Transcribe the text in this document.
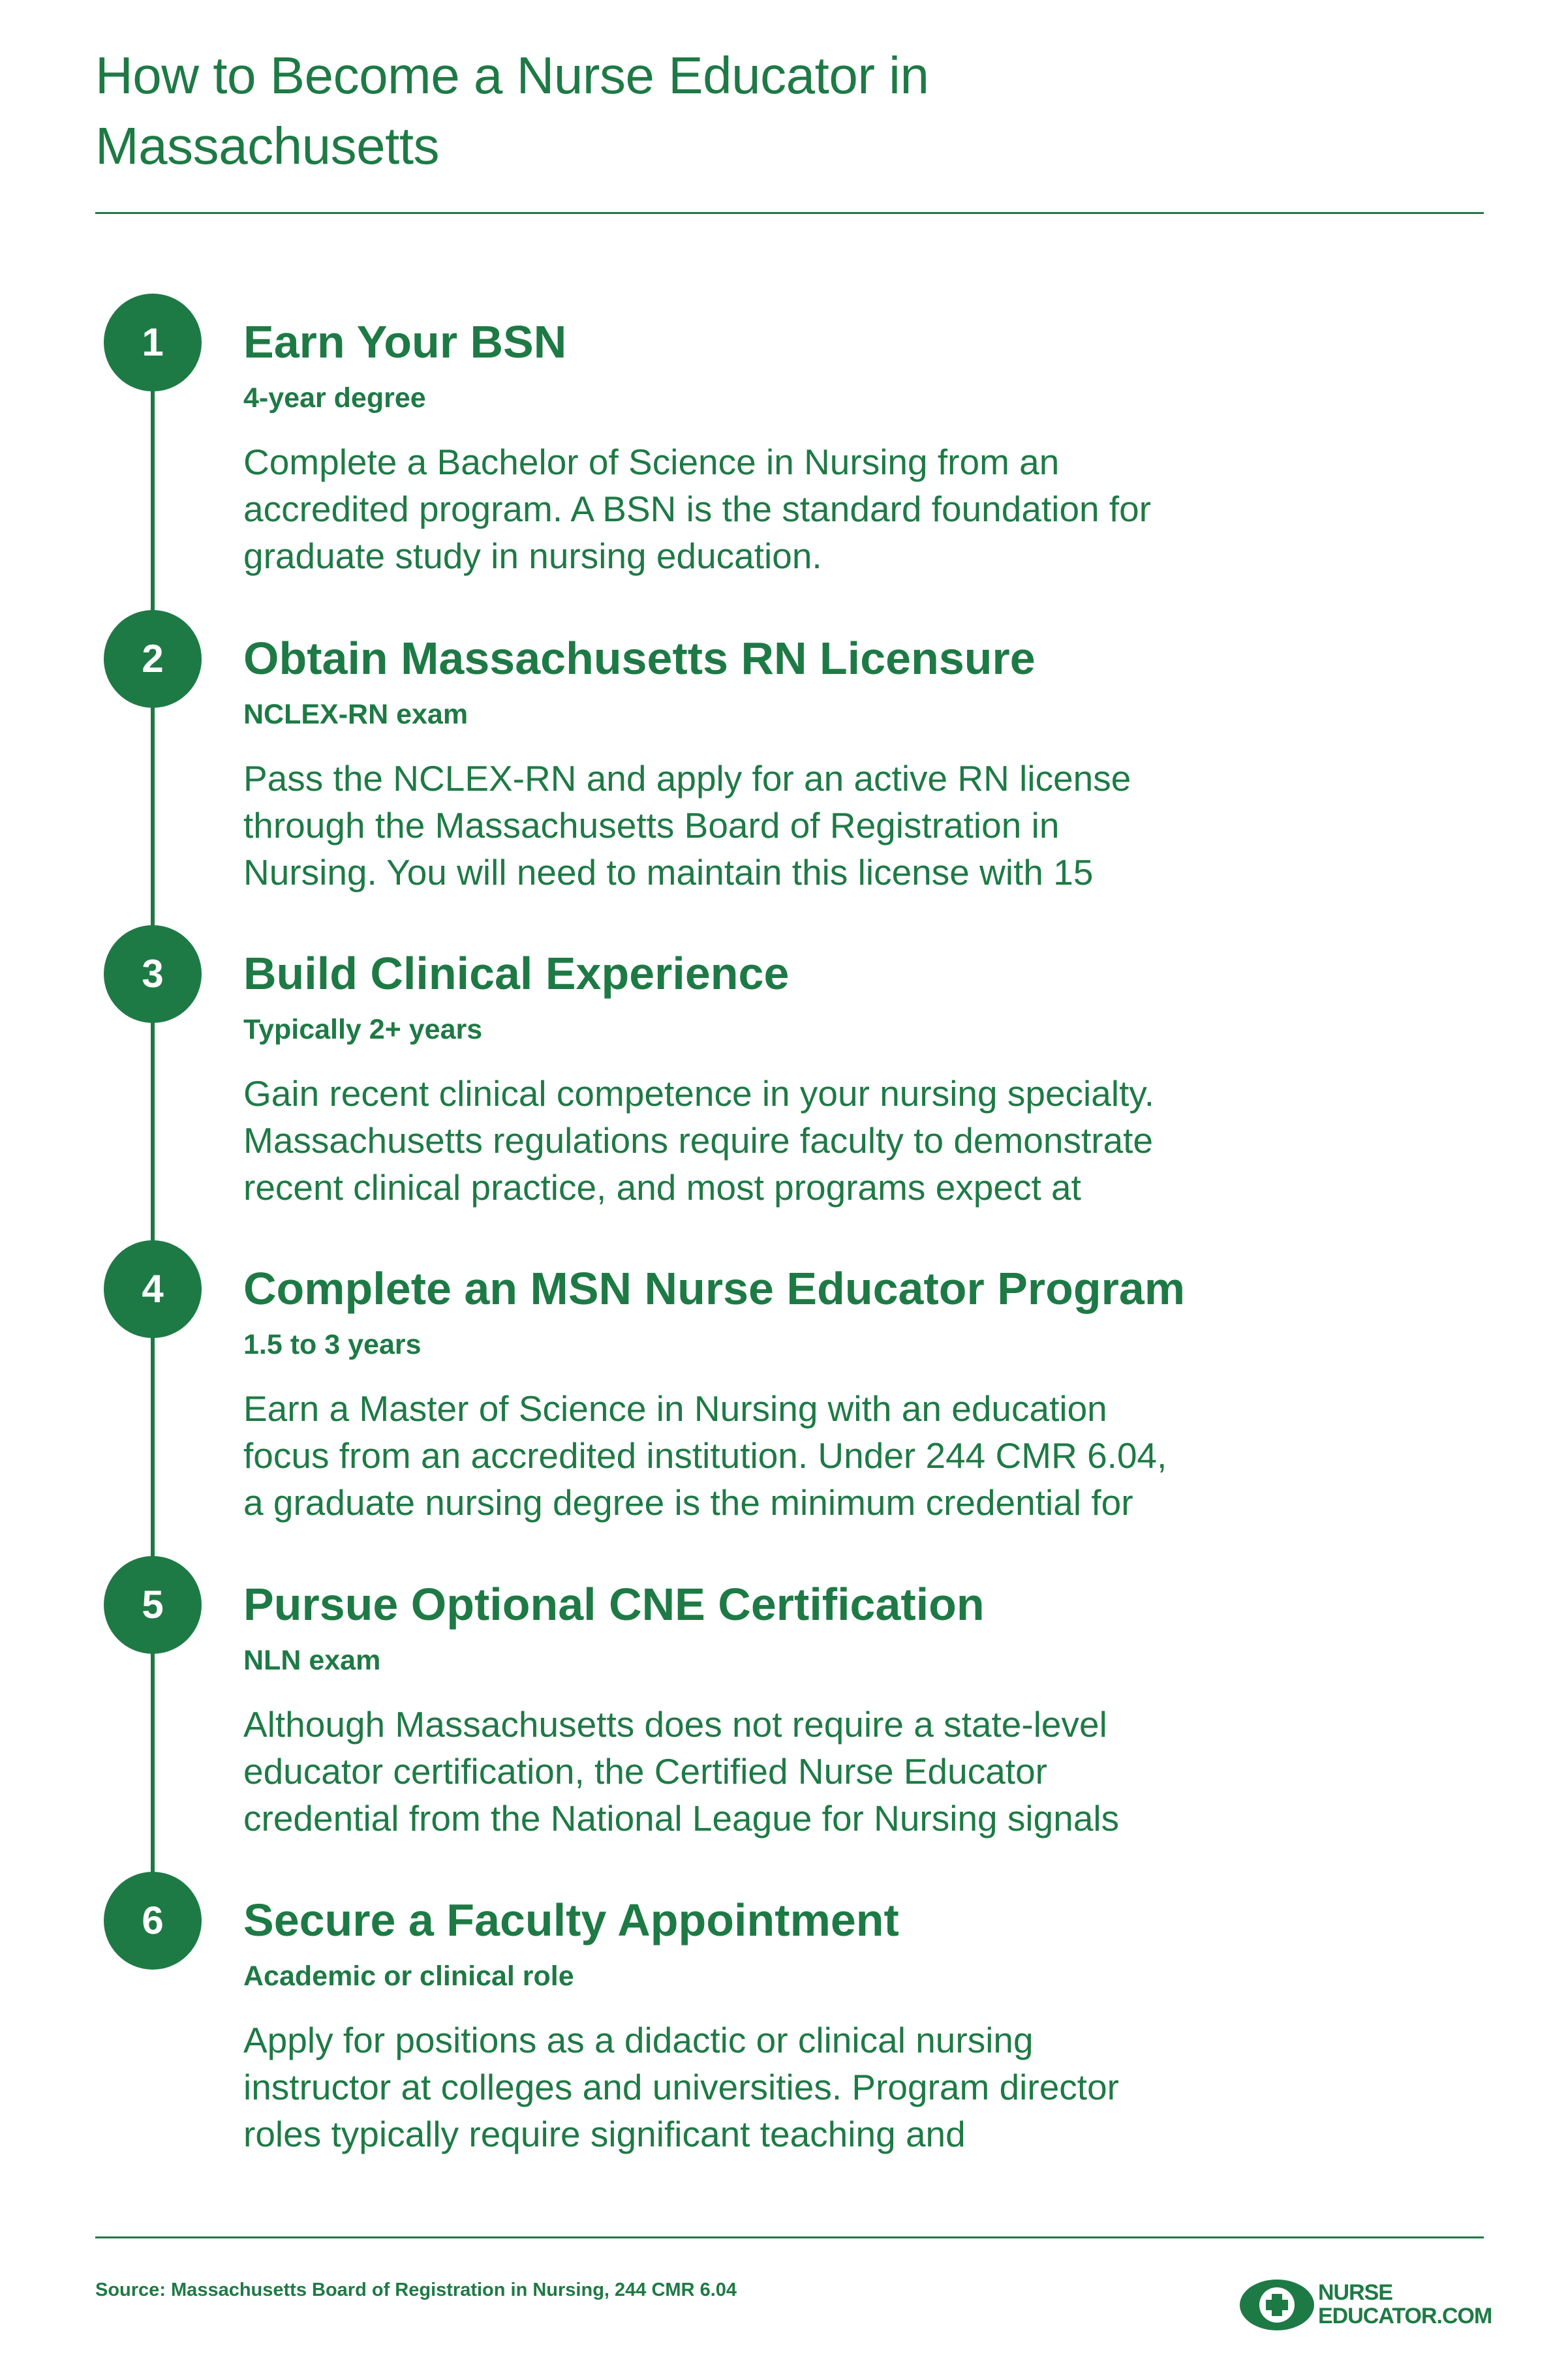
How to Become a Nurse Educator in Massachusetts
1	Earn Your BSN
4-year degree
Complete a Bachelor of Science in Nursing from an
accredited program. A BSN is the standard foundation for
graduate study in nursing education.
2	Obtain Massachusetts RN Licensure
NCLEX-RN exam
Pass the NCLEX-RN and apply for an active RN license
through the Massachusetts Board of Registration in
Nursing. You will need to maintain this license with 15
3	Build Clinical Experience
Typically 2+ years
Gain recent clinical competence in your nursing specialty.
Massachusetts regulations require faculty to demonstrate
recent clinical practice, and most programs expect at
4	Complete an MSN Nurse Educator Program
1.5 to 3 years
Earn a Master of Science in Nursing with an education
focus from an accredited institution. Under 244 CMR 6.04,
a graduate nursing degree is the minimum credential for
5	Pursue Optional CNE Certification
NLN exam
Although Massachusetts does not require a state-level
educator certification, the Certified Nurse Educator
credential from the National League for Nursing signals
6	Secure a Faculty Appointment
Academic or clinical role
Apply for positions as a didactic or clinical nursing
instructor at colleges and universities. Program director
roles typically require significant teaching and
Source: Massachusetts Board of Registration in Nursing, 244 CMR 6.04	NURSE
EDUCATOR.COM
